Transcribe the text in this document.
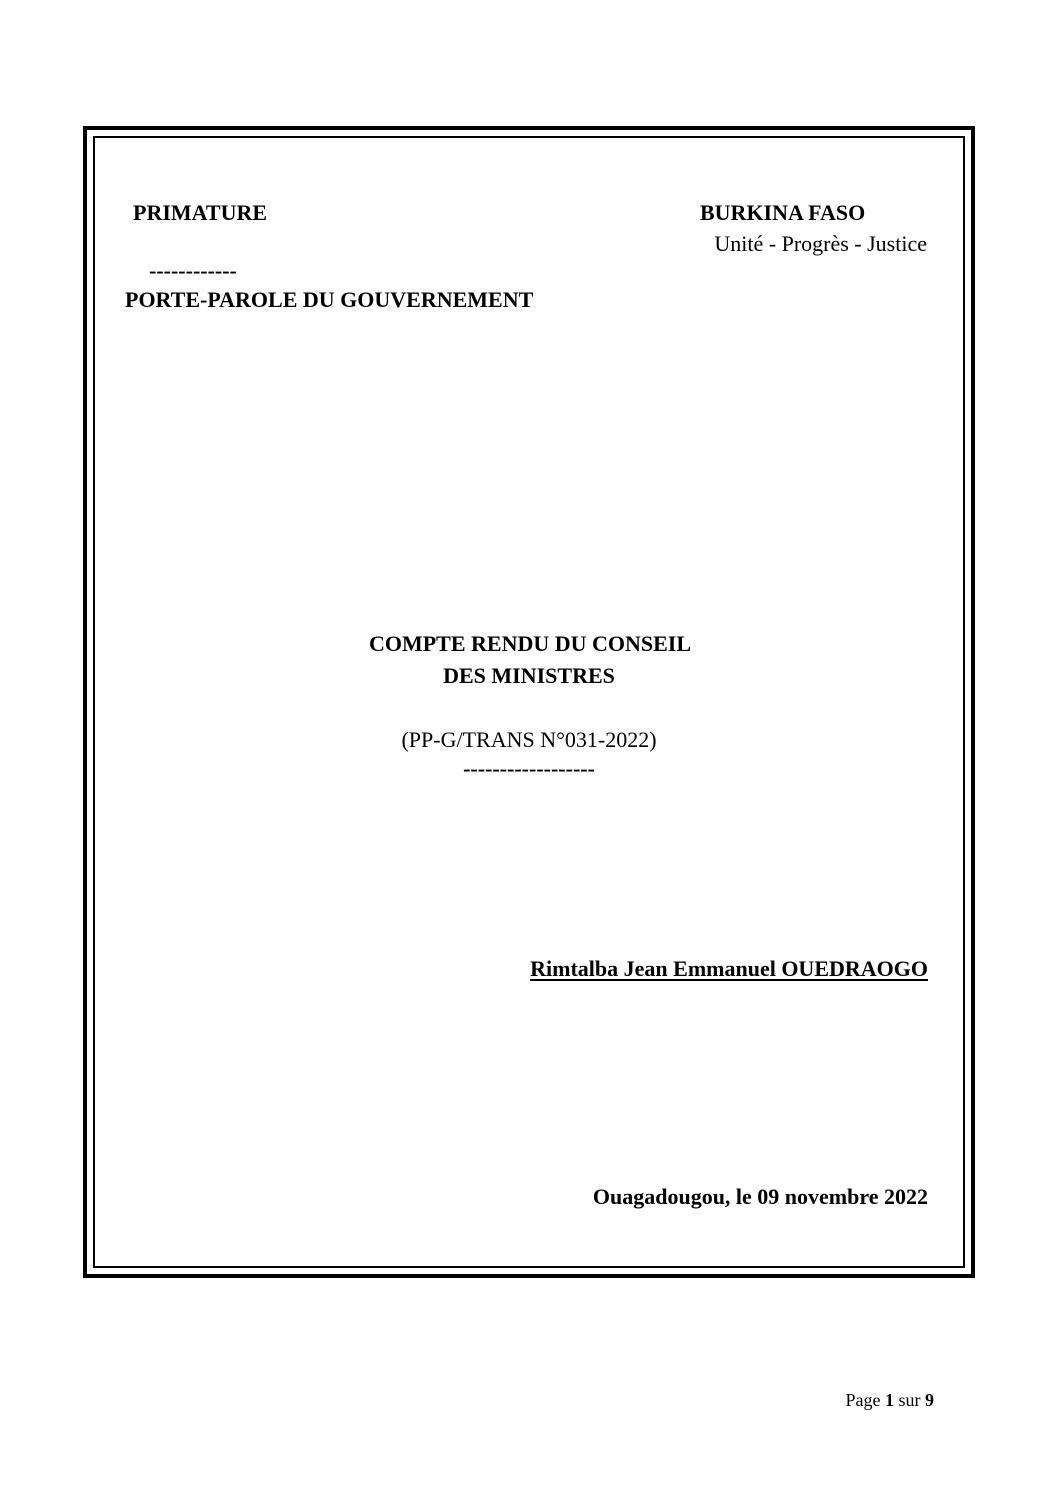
PRIMATURE
------------
PORTE-PAROLE DU GOUVERNEMENT
BURKINA FASO
Unité - Progrès - Justice
COMPTE RENDU DU CONSEIL
DES MINISTRES
(PP-G/TRANS N°031-2022)
------------------
Rimtalba Jean Emmanuel OUEDRAOGO
Ouagadougou, le 09 novembre 2022
Page 1 sur 9
